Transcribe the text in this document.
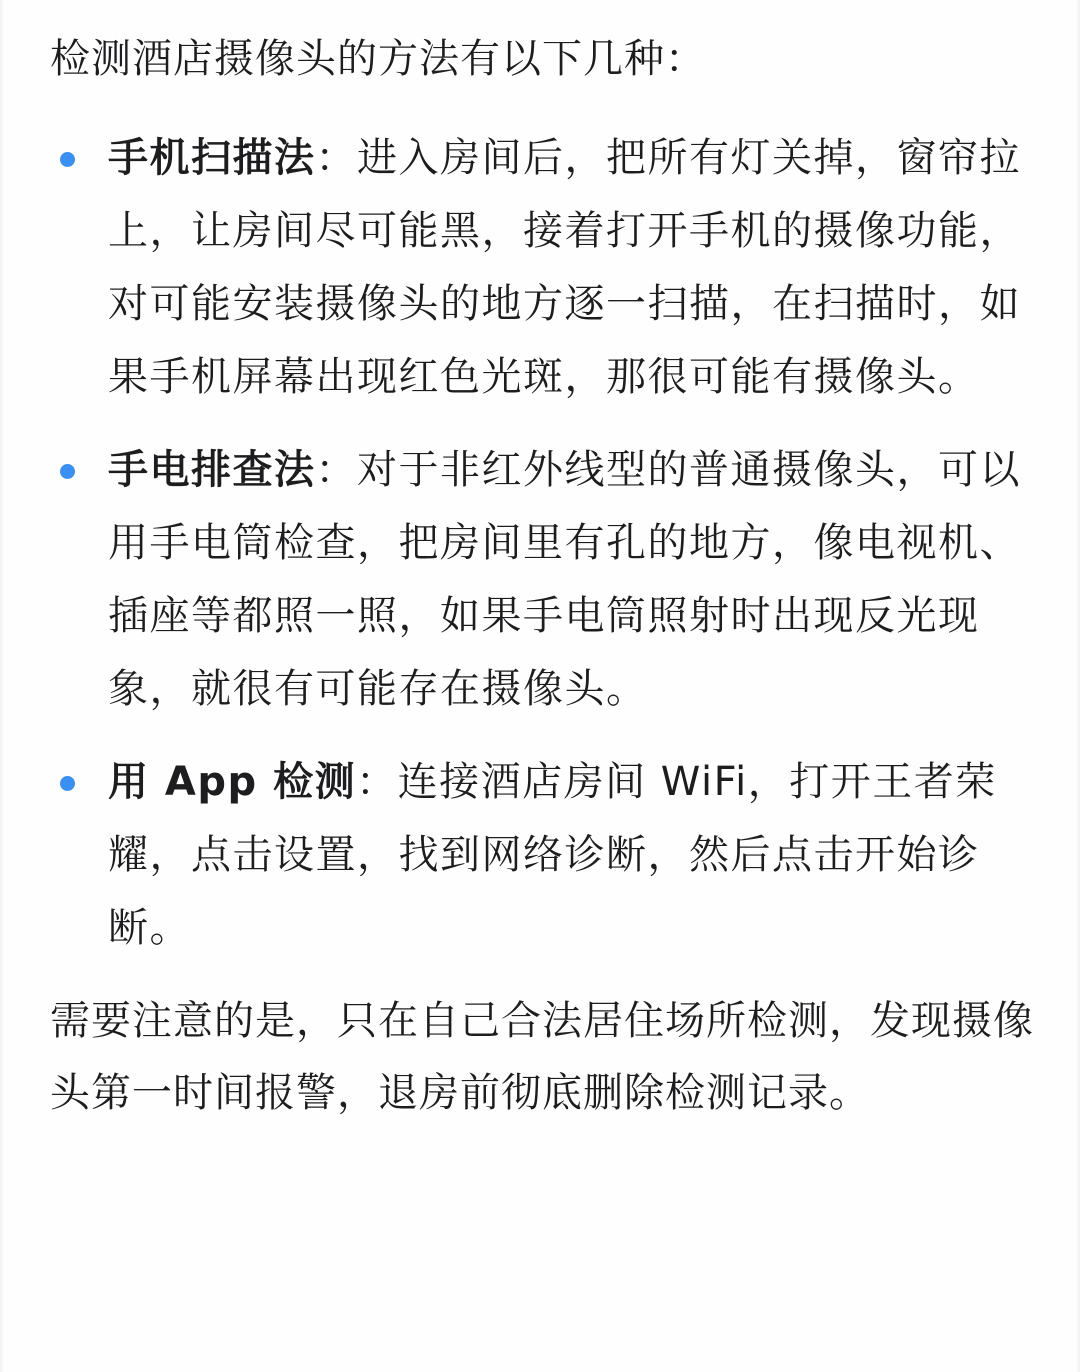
检测酒店摄像头的方法有以下几种：

手机扫描法：进入房间后，把所有灯关掉，窗帘拉上，让房间尽可能黑，接着打开手机的摄像功能，对可能安装摄像头的地方逐一扫描，在扫描时，如果手机屏幕出现红色光斑，那很可能有摄像头。
手电排查法：对于非红外线型的普通摄像头，可以用手电筒检查，把房间里有孔的地方，像电视机、插座等都照一照，如果手电筒照射时出现反光现象，就很有可能存在摄像头。
用 App 检测：连接酒店房间 WiFi，打开王者荣耀，点击设置，找到网络诊断，然后点击开始诊断。

需要注意的是，只在自己合法居住场所检测，发现摄像头第一时间报警，退房前彻底删除检测记录。
